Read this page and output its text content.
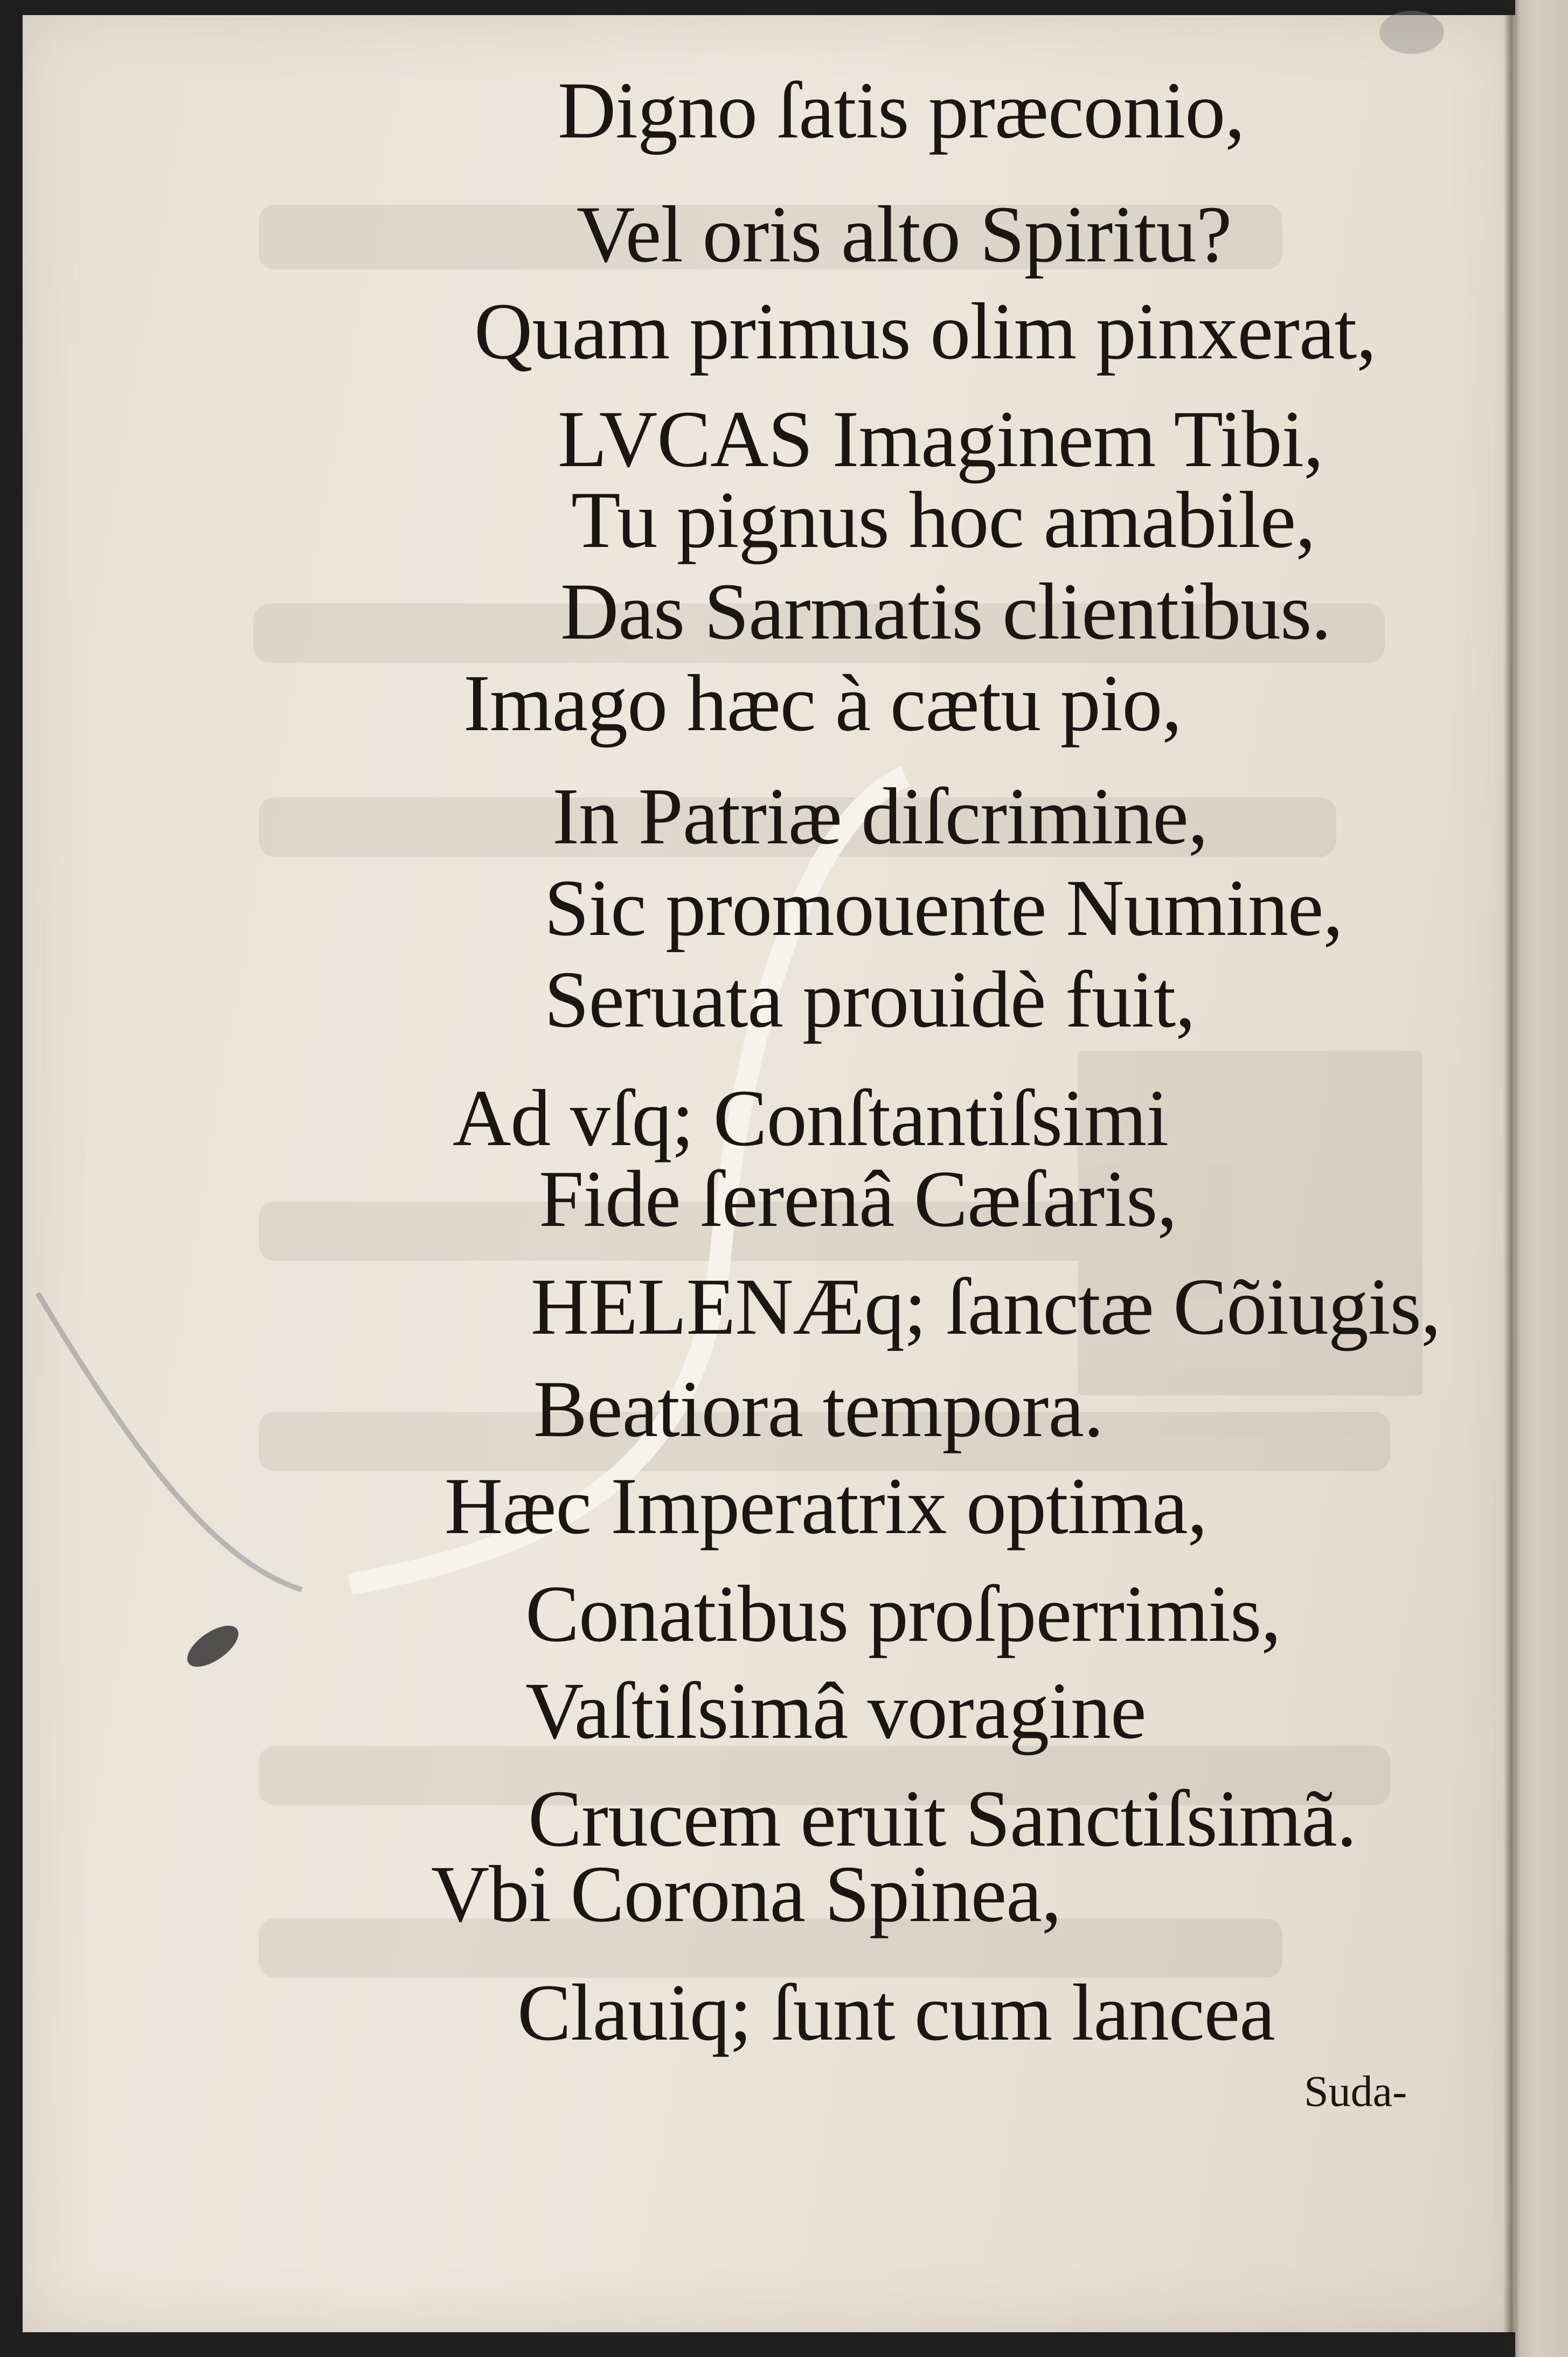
Digno ſatis præconio,
Vel oris alto Spiritu?
Quam primus olim pinxerat,
LVCAS Imaginem Tibi,
Tu pignus hoc amabile,
Das Sarmatis clientibus.
Imago hæc à cætu pio,
In Patriæ diſcrimine,
Sic promouente Numine,
Seruata prouidè fuit,
Ad vſq; Conſtantiſsimi
Fide ſerenâ Cæſaris,
HELENÆq; ſanctæ Cõiugis,
Beatiora tempora.
Hæc Imperatrix optima,
Conatibus proſperrimis,
Vaſtiſsimâ voragine
Crucem eruit Sanctiſsimã.
Vbi Corona Spinea,
Clauiq; ſunt cum lancea
Suda-
